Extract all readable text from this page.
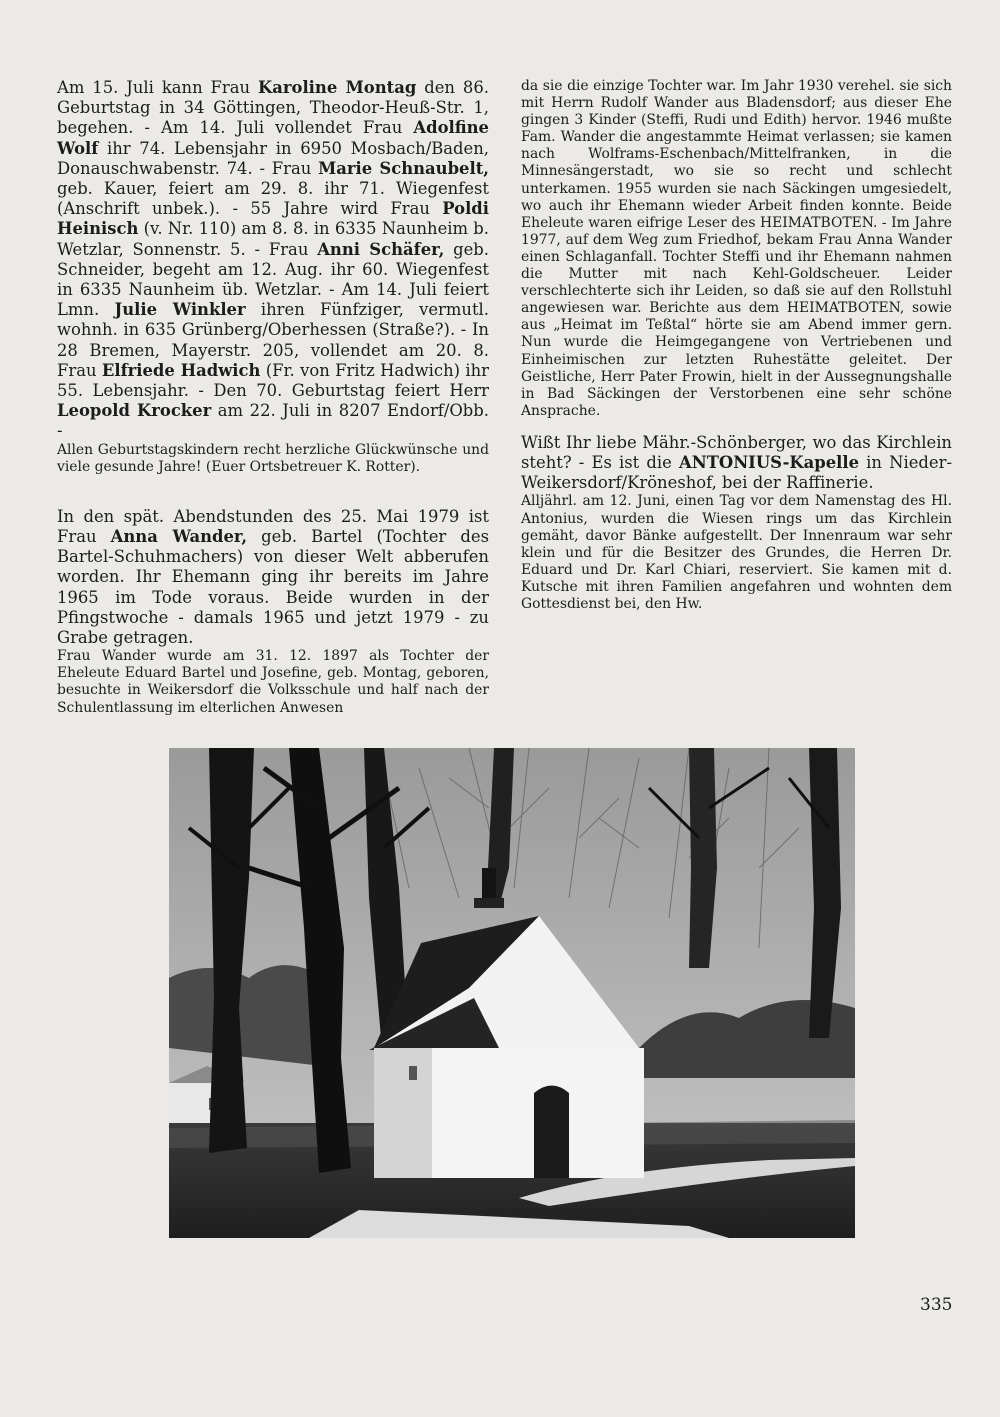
Am 15. Juli kann Frau Karoline Montag den 86. Geburtstag in 34 Göttingen, Theodor-Heuß-Str. 1, begehen. - Am 14. Juli vollendet Frau Adolfine Wolf ihr 74. Lebensjahr in 6950 Mosbach/Baden, Donauschwabenstr. 74. - Frau Marie Schnaubelt, geb. Kauer, feiert am 29. 8. ihr 71. Wiegenfest (Anschrift unbek.). - 55 Jahre wird Frau Poldi Heinisch (v. Nr. 110) am 8. 8. in 6335 Naunheim b. Wetzlar, Sonnenstr. 5. - Frau Anni Schäfer, geb. Schneider, begeht am 12. Aug. ihr 60. Wiegenfest in 6335 Naunheim üb. Wetzlar. - Am 14. Juli feiert Lmn. Julie Winkler ihren Fünfziger, vermutl. wohnh. in 635 Grünberg/Oberhessen (Straße?). - In 28 Bremen, Mayerstr. 205, vollendet am 20. 8. Frau Elfriede Hadwich (Fr. von Fritz Hadwich) ihr 55. Lebensjahr. - Den 70. Geburtstag feiert Herr Leopold Krocker am 22. Juli in 8207 Endorf/Obb. -

Allen Geburtstagskindern recht herzliche Glückwünsche und viele gesunde Jahre! (Euer Ortsbetreuer K. Rotter).

In den spät. Abendstunden des 25. Mai 1979 ist Frau Anna Wander, geb. Bartel (Tochter des Bartel-Schuhmachers) von dieser Welt abberufen worden. Ihr Ehemann ging ihr bereits im Jahre 1965 im Tode voraus. Beide wurden in der Pfingstwoche - damals 1965 und jetzt 1979 - zu Grabe getragen.

Frau Wander wurde am 31. 12. 1897 als Tochter der Eheleute Eduard Bartel und Josefine, geb. Montag, geboren, besuchte in Weikersdorf die Volksschule und half nach der Schulentlassung im elterlichen Anwesen

da sie die einzige Tochter war. Im Jahr 1930 verehel. sie sich mit Herrn Rudolf Wander aus Bladensdorf; aus dieser Ehe gingen 3 Kinder (Steffi, Rudi und Edith) hervor. 1946 mußte Fam. Wander die angestammte Heimat verlassen; sie kamen nach Wolframs-Eschenbach/Mittelfranken, in die Minnesängerstadt, wo sie so recht und schlecht unterkamen. 1955 wurden sie nach Säckingen umgesiedelt, wo auch ihr Ehemann wieder Arbeit finden konnte. Beide Eheleute waren eifrige Leser des HEIMATBOTEN. - Im Jahre 1977, auf dem Weg zum Friedhof, bekam Frau Anna Wander einen Schlaganfall. Tochter Steffi und ihr Ehemann nahmen die Mutter mit nach Kehl-Goldscheuer. Leider verschlechterte sich ihr Leiden, so daß sie auf den Rollstuhl angewiesen war. Berichte aus dem HEIMATBOTEN, sowie aus „Heimat im Teßtal“ hörte sie am Abend immer gern. Nun wurde die Heimgegangene von Vertriebenen und Einheimischen zur letzten Ruhestätte geleitet. Der Geistliche, Herr Pater Frowin, hielt in der Aussegnungshalle in Bad Säckingen der Verstorbenen eine sehr schöne Ansprache.

Wißt Ihr liebe Mähr.-Schönberger, wo das Kirchlein steht? - Es ist die ANTONIUS-Kapelle in Nieder-Weikersdorf/Kröneshof, bei der Raffinerie.

Alljährl. am 12. Juni, einen Tag vor dem Namenstag des Hl. Antonius, wurden die Wiesen rings um das Kirchlein gemäht, davor Bänke aufgestellt. Der Innenraum war sehr klein und für die Besitzer des Grundes, die Herren Dr. Eduard und Dr. Karl Chiari, reserviert. Sie kamen mit d. Kutsche mit ihren Familien angefahren und wohnten dem Gottesdienst bei, den Hw.

335
